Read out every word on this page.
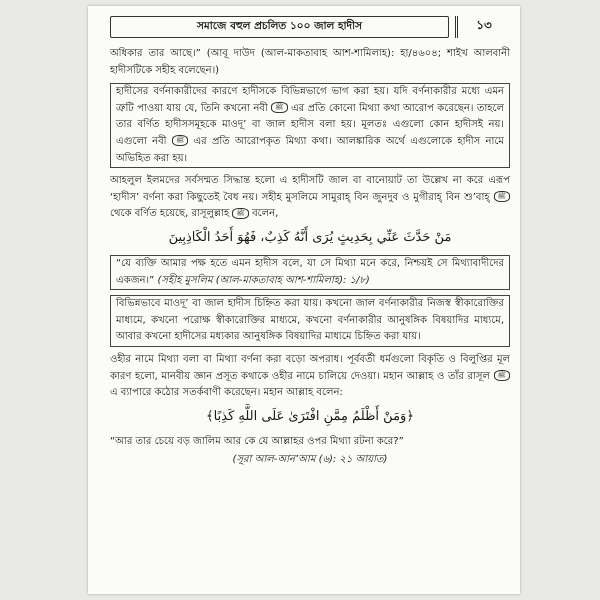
সমাজে বহুল প্রচলিত ১০০ জাল হাদীস	১৩

অধিকার তার আছে।” (আবূ দাউদ (আল-মাকতাবাহ আশ-শামিলাহ): হা/৪৬০৪; শাইখ আলবানী হাদীসটিকে সহীহ বলেছেন।)

হাদীসের বর্ণনাকারীদের কারণে হাদীসকে বিভিন্নভাগে ভাগ করা হয়। যদি বর্ণনাকারীর মধ্যে এমন ত্রুটি পাওয়া যায় যে, তিনি কখনো নবী ﷺ এর প্রতি কোনো মিথ্যা কথা আরোপ করেছেন। তাহলে তার বর্ণিত হাদীসসমূহকে মাওদূ’ বা জাল হাদীস বলা হয়। মূলতঃ এগুলো কোন হাদীসই নয়। এগুলো নবী ﷺ এর প্রতি আরোপকৃত মিথ্যা কথা। আলঙ্কারিক অর্থে এগুলোকে হাদীস নামে অভিহিত করা হয়।

আহলুল ইলমদের সর্বসম্মত সিদ্ধান্ত হলো এ হাদীসটি জাল বা বানোয়াট তা উল্লেখ না করে এরূপ ‘হাদীস’ বর্ণনা করা কিছুতেই বৈধ নয়। সহীহ মুসলিমে সামুরাহ্ বিন জুনদুব ও মুগীরাহ্ বিন শু’বাহ্ ﷺ থেকে বর্ণিত হয়েছে, রাসূলুল্লাহ ﷺ বলেন,

مَنْ حَدَّثَ عَنِّي بِحَدِيثٍ يُرَى أَنَّهُ كَذِبٌ، فَهُوَ أَحَدُ الْكَاذِبِينَ

“যে ব্যক্তি আমার পক্ষ হতে এমন হাদীস বলে, যা সে মিথ্যা মনে করে, নিশ্চয়ই সে মিথ্যাবাদীদের একজন।” (সহীহ মুসলিম (আল-মাকতাবাহ আশ-শামিলাহ): ১/৮)

বিভিন্নভাবে মাওদূ’ বা জাল হাদীস চিহ্নিত করা যায়। কখনো জাল বর্ণনাকারীর নিজস্ব স্বীকারোক্তির মাধ্যমে, কখনো পরোক্ষ স্বীকারোক্তির মাধ্যমে, কখনো বর্ণনাকারীর আনুষঙ্গিক বিষয়াদির মাধ্যমে, আবার কখনো হাদীসের মধ্যকার আনুষঙ্গিক বিষয়াদির মাধ্যমে চিহ্নিত করা যায়।

ওহীর নামে মিথ্যা বলা বা মিথ্যা বর্ণনা করা বড়ো অপরাধ। পূর্ববর্তী ধর্মগুলো বিকৃতি ও বিলুপ্তির মূল কারণ হলো, মানবীয় জ্ঞান প্রসূত কথাকে ওহীর নামে চালিয়ে দেওয়া। মহান আল্লাহ ও তাঁর রাসূল ﷺ এ ব্যাপারে কঠোর সতর্কবাণী করেছেন। মহান আল্লাহ বলেন:

﴿وَمَنْ أَظْلَمُ مِمَّنِ افْتَرَىٰ عَلَى اللَّهِ كَذِبًا﴾

“আর তার চেয়ে বড় জালিম আর কে যে আল্লাহর ওপর মিথ্যা রটনা করে?”

(সূরা আল-আন’আম (৬): ২১ আয়াত)
